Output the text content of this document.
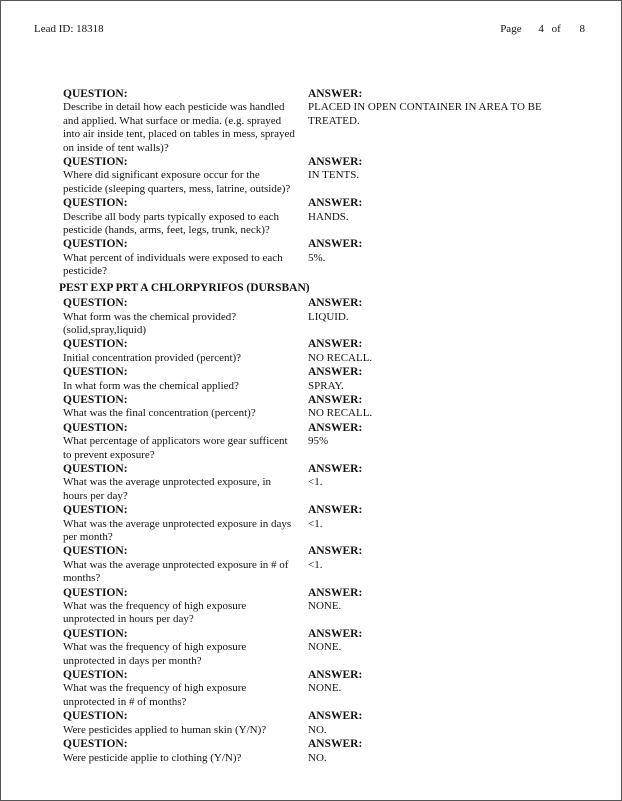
Lead ID: 18318	Page 4 of 8
QUESTION:
Describe in detail how each pesticide was handled and applied. What surface or media. (e.g. sprayed into air inside tent, placed on tables in mess, sprayed on inside of tent walls)?
ANSWER:
PLACED IN OPEN CONTAINER IN AREA TO BE TREATED.
QUESTION:
Where did significant exposure occur for the pesticide (sleeping quarters, mess, latrine, outside)?
ANSWER:
IN TENTS.
QUESTION:
Describe all body parts typically exposed to each pesticide (hands, arms, feet, legs, trunk, neck)?
ANSWER:
HANDS.
QUESTION:
What percent of individuals were exposed to each pesticide?
ANSWER:
5%.
PEST EXP PRT A CHLORPYRIFOS (DURSBAN)
QUESTION:
What form was the chemical provided?(solid,spray,liquid)
ANSWER:
LIQUID.
QUESTION:
Initial concentration provided (percent)?
ANSWER:
NO RECALL.
QUESTION:
In what form was the chemical applied?
ANSWER:
SPRAY.
QUESTION:
What was the final concentration (percent)?
ANSWER:
NO RECALL.
QUESTION:
What percentage of applicators wore gear sufficent to prevent exposure?
ANSWER:
95%
QUESTION:
What was the average unprotected exposure, in hours per day?
ANSWER:
<1.
QUESTION:
What was the average unprotected exposure in days per month?
ANSWER:
<1.
QUESTION:
What was the average unprotected exposure in # of months?
ANSWER:
<1.
QUESTION:
What was the frequency of high exposure unprotected in hours per day?
ANSWER:
NONE.
QUESTION:
What was the frequency of high exposure unprotected in days per month?
ANSWER:
NONE.
QUESTION:
What was the frequency of high exposure unprotected in # of months?
ANSWER:
NONE.
QUESTION:
Were pesticides applied to human skin (Y/N)?
ANSWER:
NO.
QUESTION:
Were pesticide applie to clothing (Y/N)?
ANSWER:
NO.
